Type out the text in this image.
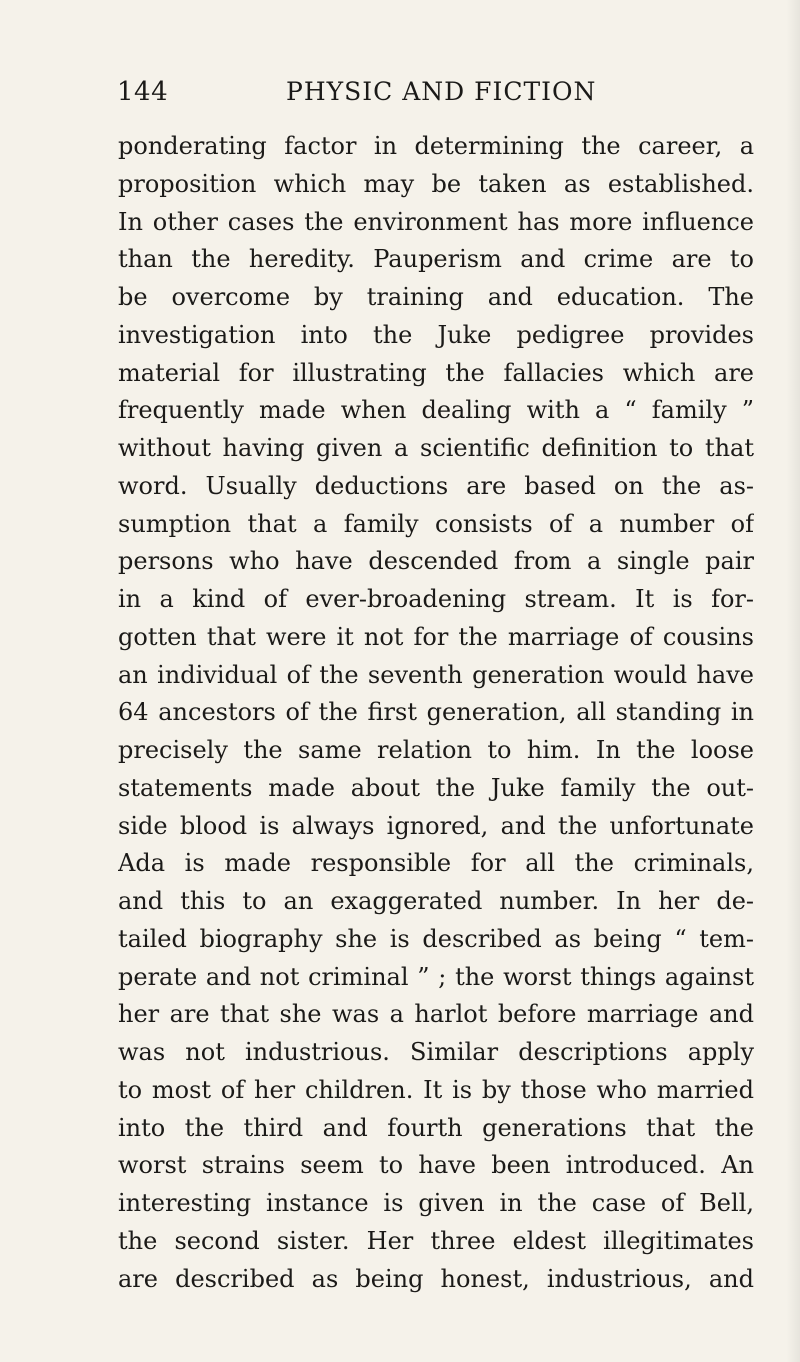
144	PHYSIC AND FICTION
ponderating factor in determining the career, a
proposition which may be taken as established.
In other cases the environment has more influence
than the heredity. Pauperism and crime are to
be overcome by training and education. The
investigation into the Juke pedigree provides
material for illustrating the fallacies which are
frequently made when dealing with a “ family ”
without having given a scientific definition to that
word. Usually deductions are based on the as-
sumption that a family consists of a number of
persons who have descended from a single pair
in a kind of ever-broadening stream. It is for-
gotten that were it not for the marriage of cousins
an individual of the seventh generation would have
64 ancestors of the first generation, all standing in
precisely the same relation to him. In the loose
statements made about the Juke family the out-
side blood is always ignored, and the unfortunate
Ada is made responsible for all the criminals,
and this to an exaggerated number. In her de-
tailed biography she is described as being “ tem-
perate and not criminal ” ; the worst things against
her are that she was a harlot before marriage and
was not industrious. Similar descriptions apply
to most of her children. It is by those who married
into the third and fourth generations that the
worst strains seem to have been introduced. An
interesting instance is given in the case of Bell,
the second sister. Her three eldest illegitimates
are described as being honest, industrious, and
